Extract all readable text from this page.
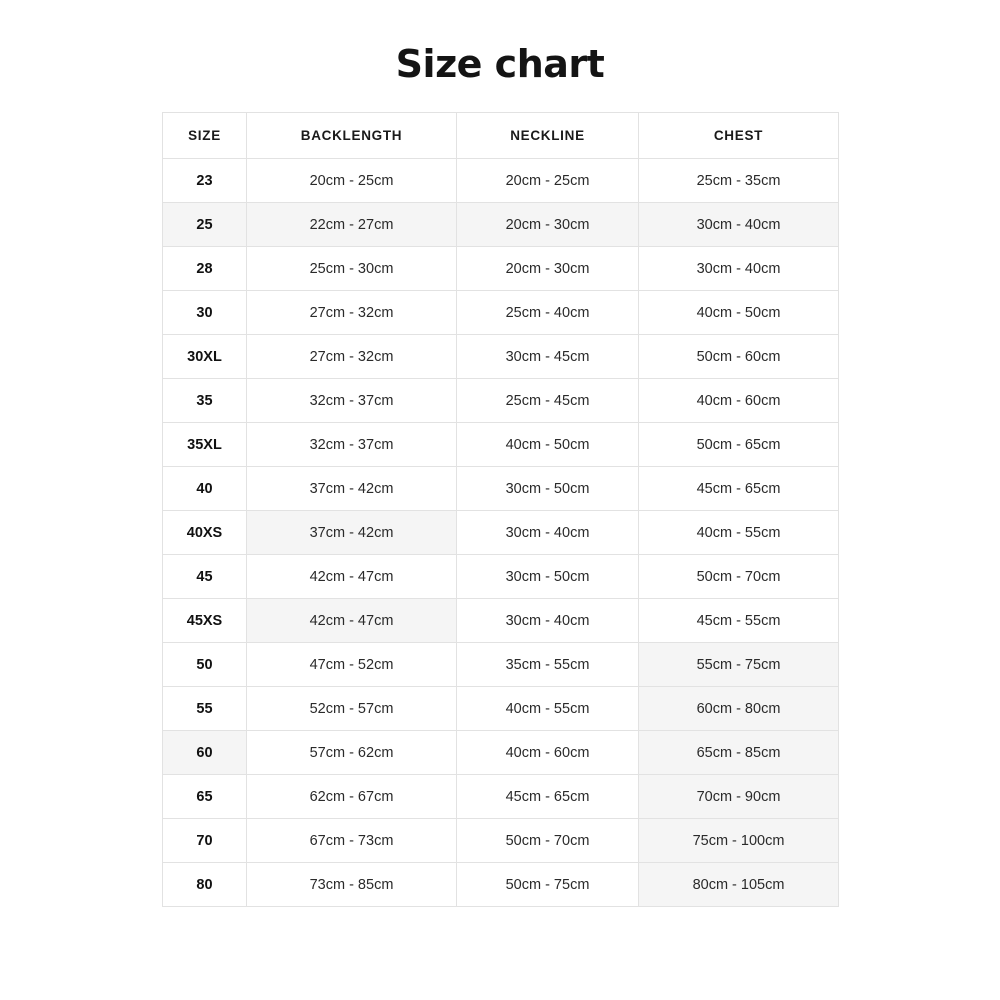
Size chart
SIZE	BACKLENGTH	NECKLINE	CHEST
23	20cm - 25cm	20cm - 25cm	25cm - 35cm
25	22cm - 27cm	20cm - 30cm	30cm - 40cm
28	25cm - 30cm	20cm - 30cm	30cm - 40cm
30	27cm - 32cm	25cm - 40cm	40cm - 50cm
30XL	27cm - 32cm	30cm - 45cm	50cm - 60cm
35	32cm - 37cm	25cm - 45cm	40cm - 60cm
35XL	32cm - 37cm	40cm - 50cm	50cm - 65cm
40	37cm - 42cm	30cm - 50cm	45cm - 65cm
40XS	37cm - 42cm	30cm - 40cm	40cm - 55cm
45	42cm - 47cm	30cm - 50cm	50cm - 70cm
45XS	42cm - 47cm	30cm - 40cm	45cm - 55cm
50	47cm - 52cm	35cm - 55cm	55cm - 75cm
55	52cm - 57cm	40cm - 55cm	60cm - 80cm
60	57cm - 62cm	40cm - 60cm	65cm - 85cm
65	62cm - 67cm	45cm - 65cm	70cm - 90cm
70	67cm - 73cm	50cm - 70cm	75cm - 100cm
80	73cm - 85cm	50cm - 75cm	80cm - 105cm
